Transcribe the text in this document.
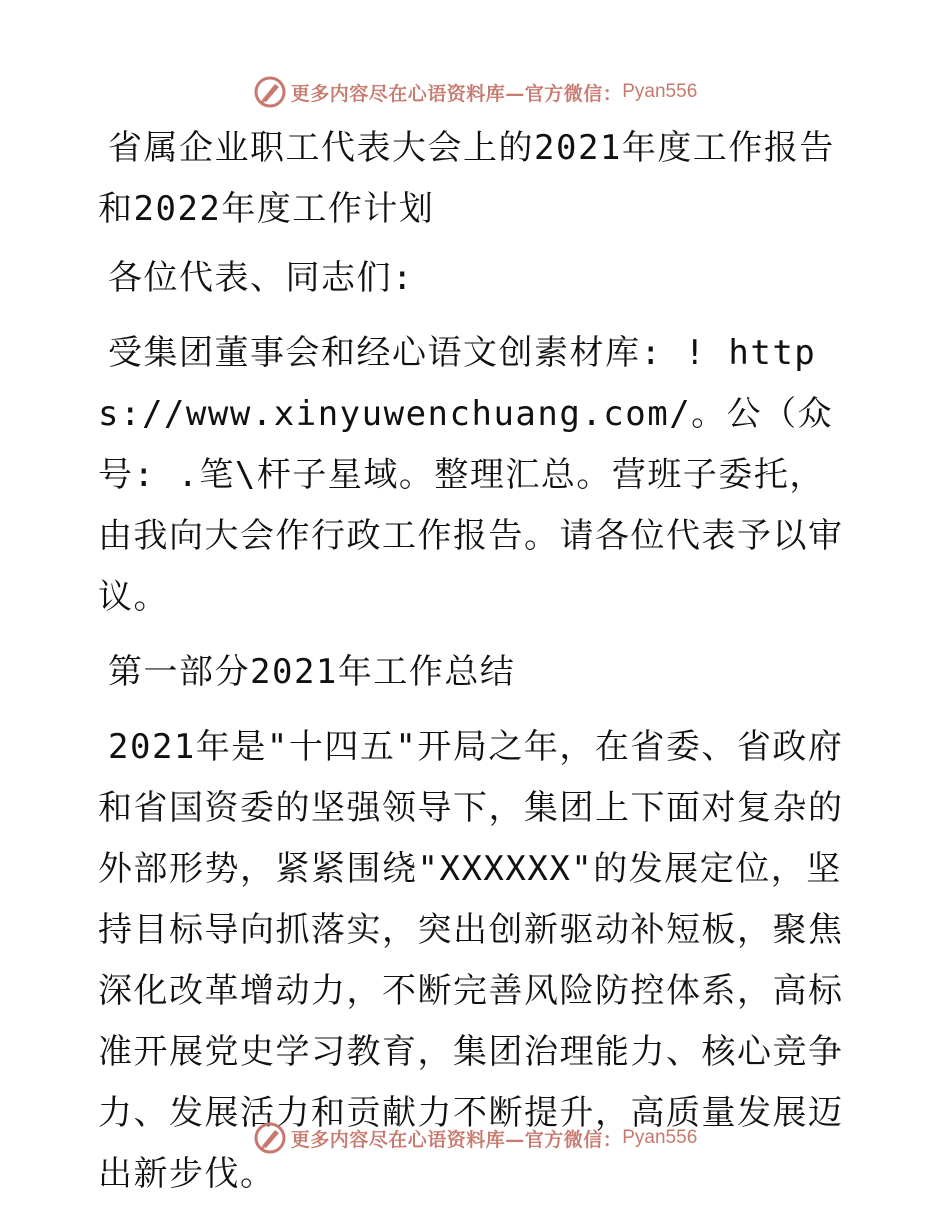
更多内容尽在心语资料库—官方微信： Pyan556

省属企业职工代表大会上的2021年度工作报告和2022年度工作计划

各位代表、同志们:

受集团董事会和经心语文创素材库: ! https://www.xinyuwenchuang.com/。公（众号: .笔\杆子星域。整理汇总。营班子委托，由我向大会作行政工作报告。请各位代表予以审议。

第一部分2021年工作总结

2021年是"十四五"开局之年，在省委、省政府和省国资委的坚强领导下，集团上下面对复杂的外部形势，紧紧围绕"XXXXXX"的发展定位，坚持目标导向抓落实，突出创新驱动补短板，聚焦深化改革增动力，不断完善风险防控体系，高标准开展党史学习教育，集团治理能力、核心竞争力、发展活力和贡献力不断提升，高质量发展迈出新步伐。

更多内容尽在心语资料库—官方微信： Pyan556
